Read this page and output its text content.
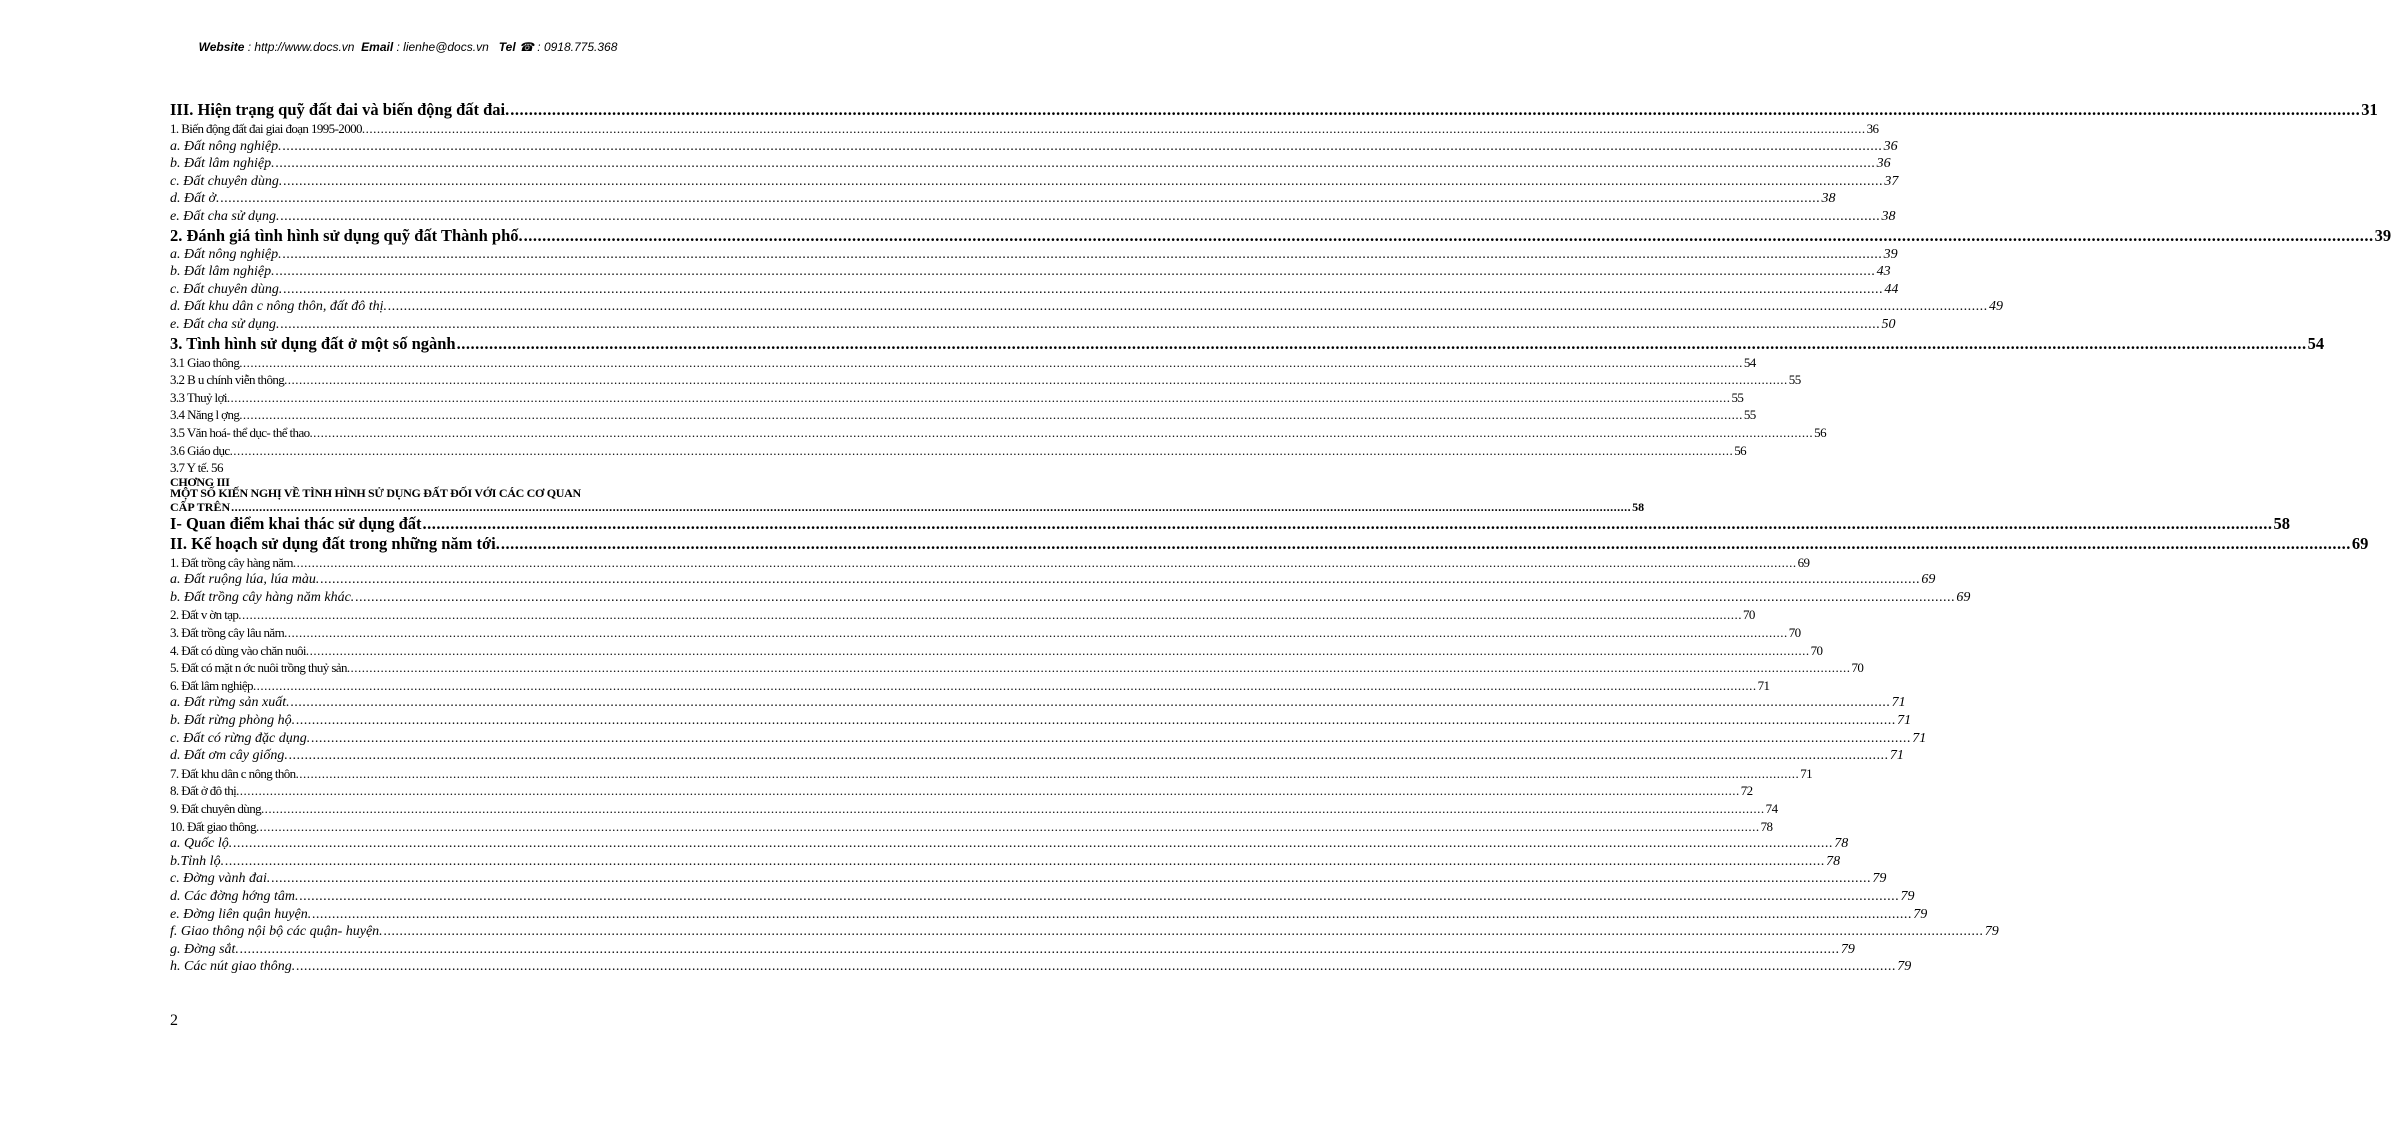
Website : http://www.docs.vn Email : lienhe@docs.vn Tel ☎ : 0918.775.368
III. Hiện trạng quỹ đất đai và biến động đất đai. ................................................................................................................................................................................................................................................................................................................................................................................................................ 31
1. Biến động đất đai giai đoạn 1995-2000. ................................................................................................................................................................................................................................................................................................................................................................................................................ 36
a. Đất nông nghiệp. ................................................................................................................................................................................................................................................................................................................................................................................................................ 36
b. Đất lâm nghiệp. ................................................................................................................................................................................................................................................................................................................................................................................................................ 36
c. Đất chuyên dùng. ................................................................................................................................................................................................................................................................................................................................................................................................................ 37
d. Đất ở. ................................................................................................................................................................................................................................................................................................................................................................................................................ 38
e. Đất cha sử dụng. ................................................................................................................................................................................................................................................................................................................................................................................................................ 38
2. Đánh giá tình hình sử dụng quỹ đất Thành phố. ................................................................................................................................................................................................................................................................................................................................................................................................................ 39
a. Đất nông nghiệp. ................................................................................................................................................................................................................................................................................................................................................................................................................ 39
b. Đất lâm nghiệp. ................................................................................................................................................................................................................................................................................................................................................................................................................ 43
c. Đất chuyên dùng. ................................................................................................................................................................................................................................................................................................................................................................................................................ 44
d. Đất khu dân c nông thôn, đất đô thị. ................................................................................................................................................................................................................................................................................................................................................................................................................ 49
e. Đất cha sử dụng. ................................................................................................................................................................................................................................................................................................................................................................................................................ 50
3. Tình hình sử dụng đất ở một số ngành ................................................................................................................................................................................................................................................................................................................................................................................................................ 54
3.1 Giao thông. ................................................................................................................................................................................................................................................................................................................................................................................................................ 54
3.2 B u chính viễn thông. ................................................................................................................................................................................................................................................................................................................................................................................................................ 55
3.3 Thuỷ lợi. ................................................................................................................................................................................................................................................................................................................................................................................................................ 55
3.4 Năng l ợng. ................................................................................................................................................................................................................................................................................................................................................................................................................ 55
3.5 Văn hoá- thể dục- thể thao. ................................................................................................................................................................................................................................................................................................................................................................................................................ 56
3.6 Giáo dục. ................................................................................................................................................................................................................................................................................................................................................................................................................ 56
3.7 Y tế. 56
CHƠNG III
MỘT SỐ KIẾN NGHỊ VỀ TÌNH HÌNH SỬ DỤNG ĐẤT ĐỐI VỚI CÁC CƠ QUAN
CẤP TRÊN ................................................................................................................................................................................................................................................................................................................................................................................................................ 58
I- Quan điểm khai thác sử dụng đất ................................................................................................................................................................................................................................................................................................................................................................................................................ 58
II. Kế hoạch sử dụng đất trong những năm tới. ................................................................................................................................................................................................................................................................................................................................................................................................................ 69
1. Đất trồng cây hàng năm. ................................................................................................................................................................................................................................................................................................................................................................................................................ 69
a. Đất ruộng lúa, lúa màu. ................................................................................................................................................................................................................................................................................................................................................................................................................ 69
b. Đất trồng cây hàng năm khác. ................................................................................................................................................................................................................................................................................................................................................................................................................ 69
2. Đất v ờn tạp. ................................................................................................................................................................................................................................................................................................................................................................................................................ 70
3. Đất trồng cây lâu năm. ................................................................................................................................................................................................................................................................................................................................................................................................................ 70
4. Đất có dùng vào chăn nuôi. ................................................................................................................................................................................................................................................................................................................................................................................................................ 70
5. Đất có mặt n ớc nuôi trồng thuỷ sản. ................................................................................................................................................................................................................................................................................................................................................................................................................ 70
6. Đất lâm nghiệp. ................................................................................................................................................................................................................................................................................................................................................................................................................ 71
a. Đất rừng sản xuất. ................................................................................................................................................................................................................................................................................................................................................................................................................ 71
b. Đất rừng phòng hộ. ................................................................................................................................................................................................................................................................................................................................................................................................................ 71
c. Đất có rừng đặc dụng. ................................................................................................................................................................................................................................................................................................................................................................................................................ 71
d. Đất ơm cây giống. ................................................................................................................................................................................................................................................................................................................................................................................................................ 71
7. Đất khu dân c nông thôn. ................................................................................................................................................................................................................................................................................................................................................................................................................ 71
8. Đất ở đô thị. ................................................................................................................................................................................................................................................................................................................................................................................................................ 72
9. Đất chuyên dùng. ................................................................................................................................................................................................................................................................................................................................................................................................................ 74
10. Đất giao thông. ................................................................................................................................................................................................................................................................................................................................................................................................................ 78
a. Quốc lộ. ................................................................................................................................................................................................................................................................................................................................................................................................................ 78
b.Tỉnh lộ. ................................................................................................................................................................................................................................................................................................................................................................................................................ 78
c. Đờng vành đai. ................................................................................................................................................................................................................................................................................................................................................................................................................ 79
d. Các đờng hớng tâm. ................................................................................................................................................................................................................................................................................................................................................................................................................ 79
e. Đờng liên quận huyện. ................................................................................................................................................................................................................................................................................................................................................................................................................ 79
f. Giao thông nội bộ các quận- huyện. ................................................................................................................................................................................................................................................................................................................................................................................................................ 79
g. Đờng sắt. ................................................................................................................................................................................................................................................................................................................................................................................................................ 79
h. Các nút giao thông. ................................................................................................................................................................................................................................................................................................................................................................................................................ 79
2
